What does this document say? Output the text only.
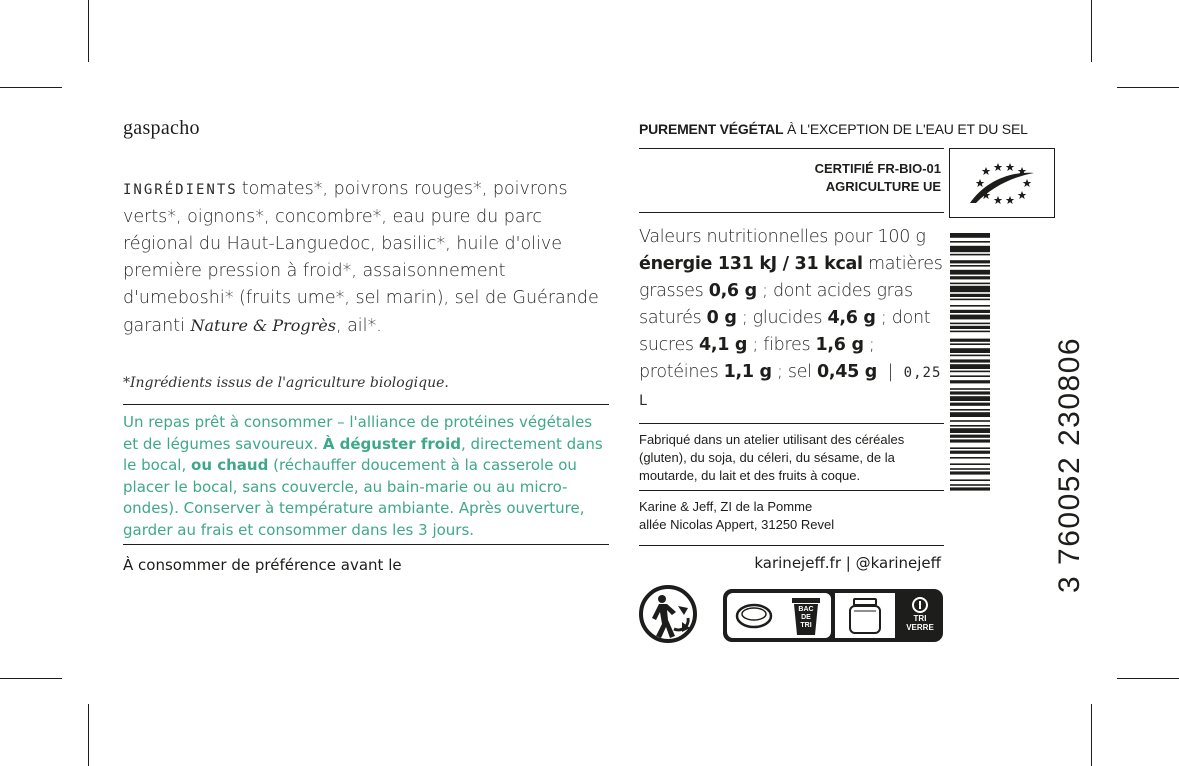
gaspacho
INGRÉDIENTS tomates*, poivrons rouges*, poivrons verts*, oignons*, concombre*, eau pure du parc régional du Haut-Languedoc, basilic*, huile d'olive première pression à froid*, assaisonnement d'umeboshi* (fruits ume*, sel marin), sel de Guérande garanti Nature & Progrès, ail*.
*Ingrédients issus de l'agriculture biologique.
Un repas prêt à consommer – l'alliance de protéines végétales et de légumes savoureux. À déguster froid, directement dans le bocal, ou chaud (réchauffer doucement à la casserole ou placer le bocal, sans couvercle, au bain-marie ou au micro-ondes). Conserver à température ambiante. Après ouverture, garder au frais et consommer dans les 3 jours.
À consommer de préférence avant le
PUREMENT VÉGÉTAL À L'EXCEPTION DE L'EAU ET DU SEL
CERTIFIÉ FR-BIO-01
AGRICULTURE UE
Valeurs nutritionnelles pour 100 g énergie 131 kJ / 31 kcal matières grasses 0,6 g ; dont acides gras saturés 0 g ; glucides 4,6 g ; dont sucres 4,1 g ; fibres 1,6 g ; protéines 1,1 g ; sel 0,45 g  |  0,25 L
Fabriqué dans un atelier utilisant des céréales (gluten), du soja, du céleri, du sésame, de la moutarde, du lait et des fruits à coque.
Karine & Jeff, ZI de la Pomme
allée Nicolas Appert, 31250 Revel
karinejeff.fr | @karinejeff	3 760052 230806
BAC
DE
TRI
TRI
VERRE
